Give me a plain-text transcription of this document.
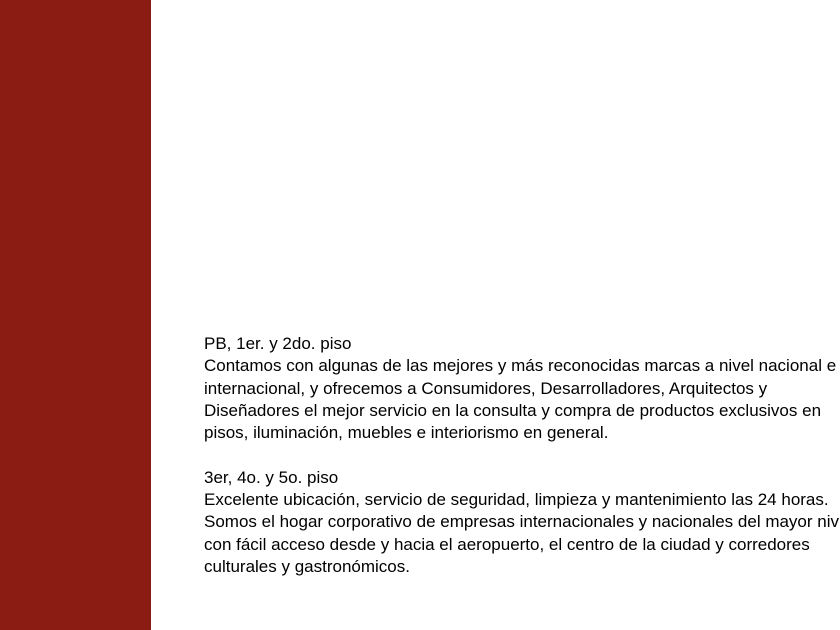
PB, 1er. y 2do. piso

Contamos con algunas de las mejores y más reconocidas marcas a nivel nacional e

internacional, y ofrecemos a Consumidores, Desarrolladores, Arquitectos y

Diseñadores el mejor servicio en la consulta y compra de productos exclusivos en

pisos, iluminación, muebles e interiorismo en general.

3er, 4o. y 5o. piso

Excelente ubicación, servicio de seguridad, limpieza y mantenimiento las 24 horas.

Somos el hogar corporativo de empresas internacionales y nacionales del mayor niv

con fácil acceso desde y hacia el aeropuerto, el centro de la ciudad y corredores

culturales y gastronómicos.
